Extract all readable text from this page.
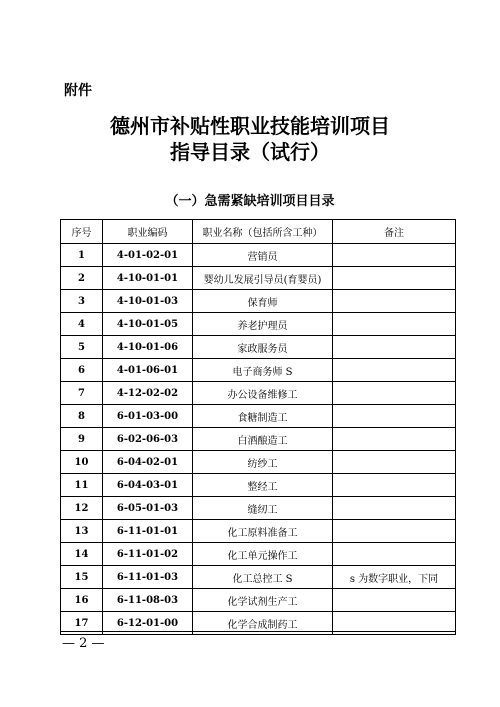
附件
德州市补贴性职业技能培训项目
指导目录（试行）
（一）急需紧缺培训项目目录
序号	职业编码	职业名称（包括所含工种）	备注
1	4-01-02-01	营销员	
2	4-10-01-01	婴幼儿发展引导员(育婴员)	
3	4-10-01-03	保育师	
4	4-10-01-05	养老护理员	
5	4-10-01-06	家政服务员	
6	4-01-06-01	电子商务师 S	
7	4-12-02-02	办公设备维修工	
8	6-01-03-00	食糖制造工	
9	6-02-06-03	白酒酿造工	
10	6-04-02-01	纺纱工	
11	6-04-03-01	整经工	
12	6-05-01-03	缝纫工	
13	6-11-01-01	化工原料准备工	
14	6-11-01-02	化工单元操作工	
15	6-11-01-03	化工总控工 S	s 为数字职业，下同
16	6-11-08-03	化学试剂生产工	
17	6-12-01-00	化学合成制药工	
— 2 —
